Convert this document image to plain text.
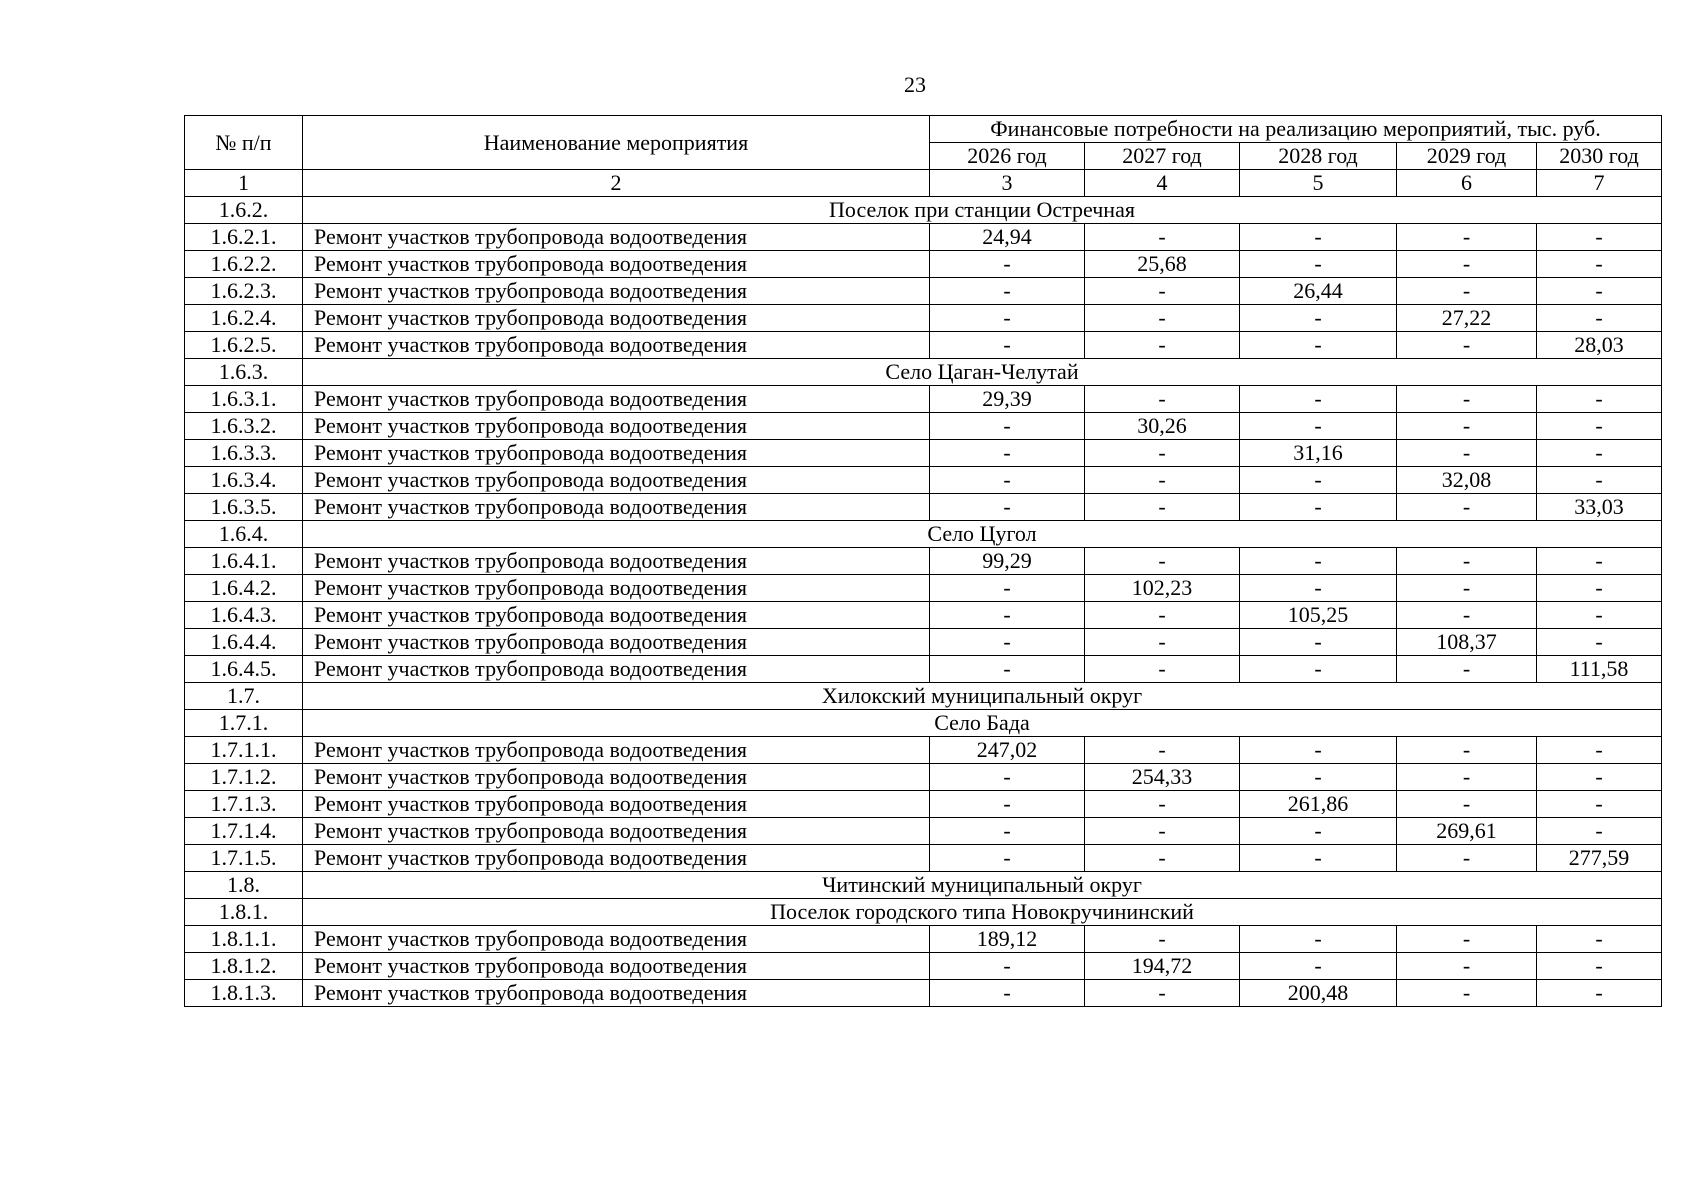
23
№ п/п	Наименование мероприятия	Финансовые потребности на реализацию мероприятий, тыс. руб.				
		2026 год	2027 год	2028 год	2029 год	2030 год
1	2	3	4	5	6	7
1.6.2.	Поселок при станции Остречная					
1.6.2.1.	Ремонт участков трубопровода водоотведения	24,94	-	-	-	-
1.6.2.2.	Ремонт участков трубопровода водоотведения	-	25,68	-	-	-
1.6.2.3.	Ремонт участков трубопровода водоотведения	-	-	26,44	-	-
1.6.2.4.	Ремонт участков трубопровода водоотведения	-	-	-	27,22	-
1.6.2.5.	Ремонт участков трубопровода водоотведения	-	-	-	-	28,03
1.6.3.	Село Цаган-Челутай					
1.6.3.1.	Ремонт участков трубопровода водоотведения	29,39	-	-	-	-
1.6.3.2.	Ремонт участков трубопровода водоотведения	-	30,26	-	-	-
1.6.3.3.	Ремонт участков трубопровода водоотведения	-	-	31,16	-	-
1.6.3.4.	Ремонт участков трубопровода водоотведения	-	-	-	32,08	-
1.6.3.5.	Ремонт участков трубопровода водоотведения	-	-	-	-	33,03
1.6.4.	Село Цугол					
1.6.4.1.	Ремонт участков трубопровода водоотведения	99,29	-	-	-	-
1.6.4.2.	Ремонт участков трубопровода водоотведения	-	102,23	-	-	-
1.6.4.3.	Ремонт участков трубопровода водоотведения	-	-	105,25	-	-
1.6.4.4.	Ремонт участков трубопровода водоотведения	-	-	-	108,37	-
1.6.4.5.	Ремонт участков трубопровода водоотведения	-	-	-	-	111,58
1.7.	Хилокский муниципальный округ					
1.7.1.	Село Бада					
1.7.1.1.	Ремонт участков трубопровода водоотведения	247,02	-	-	-	-
1.7.1.2.	Ремонт участков трубопровода водоотведения	-	254,33	-	-	-
1.7.1.3.	Ремонт участков трубопровода водоотведения	-	-	261,86	-	-
1.7.1.4.	Ремонт участков трубопровода водоотведения	-	-	-	269,61	-
1.7.1.5.	Ремонт участков трубопровода водоотведения	-	-	-	-	277,59
1.8.	Читинский муниципальный округ					
1.8.1.	Поселок городского типа Новокручининский					
1.8.1.1.	Ремонт участков трубопровода водоотведения	189,12	-	-	-	-
1.8.1.2.	Ремонт участков трубопровода водоотведения	-	194,72	-	-	-
1.8.1.3.	Ремонт участков трубопровода водоотведения	-	-	200,48	-	-
